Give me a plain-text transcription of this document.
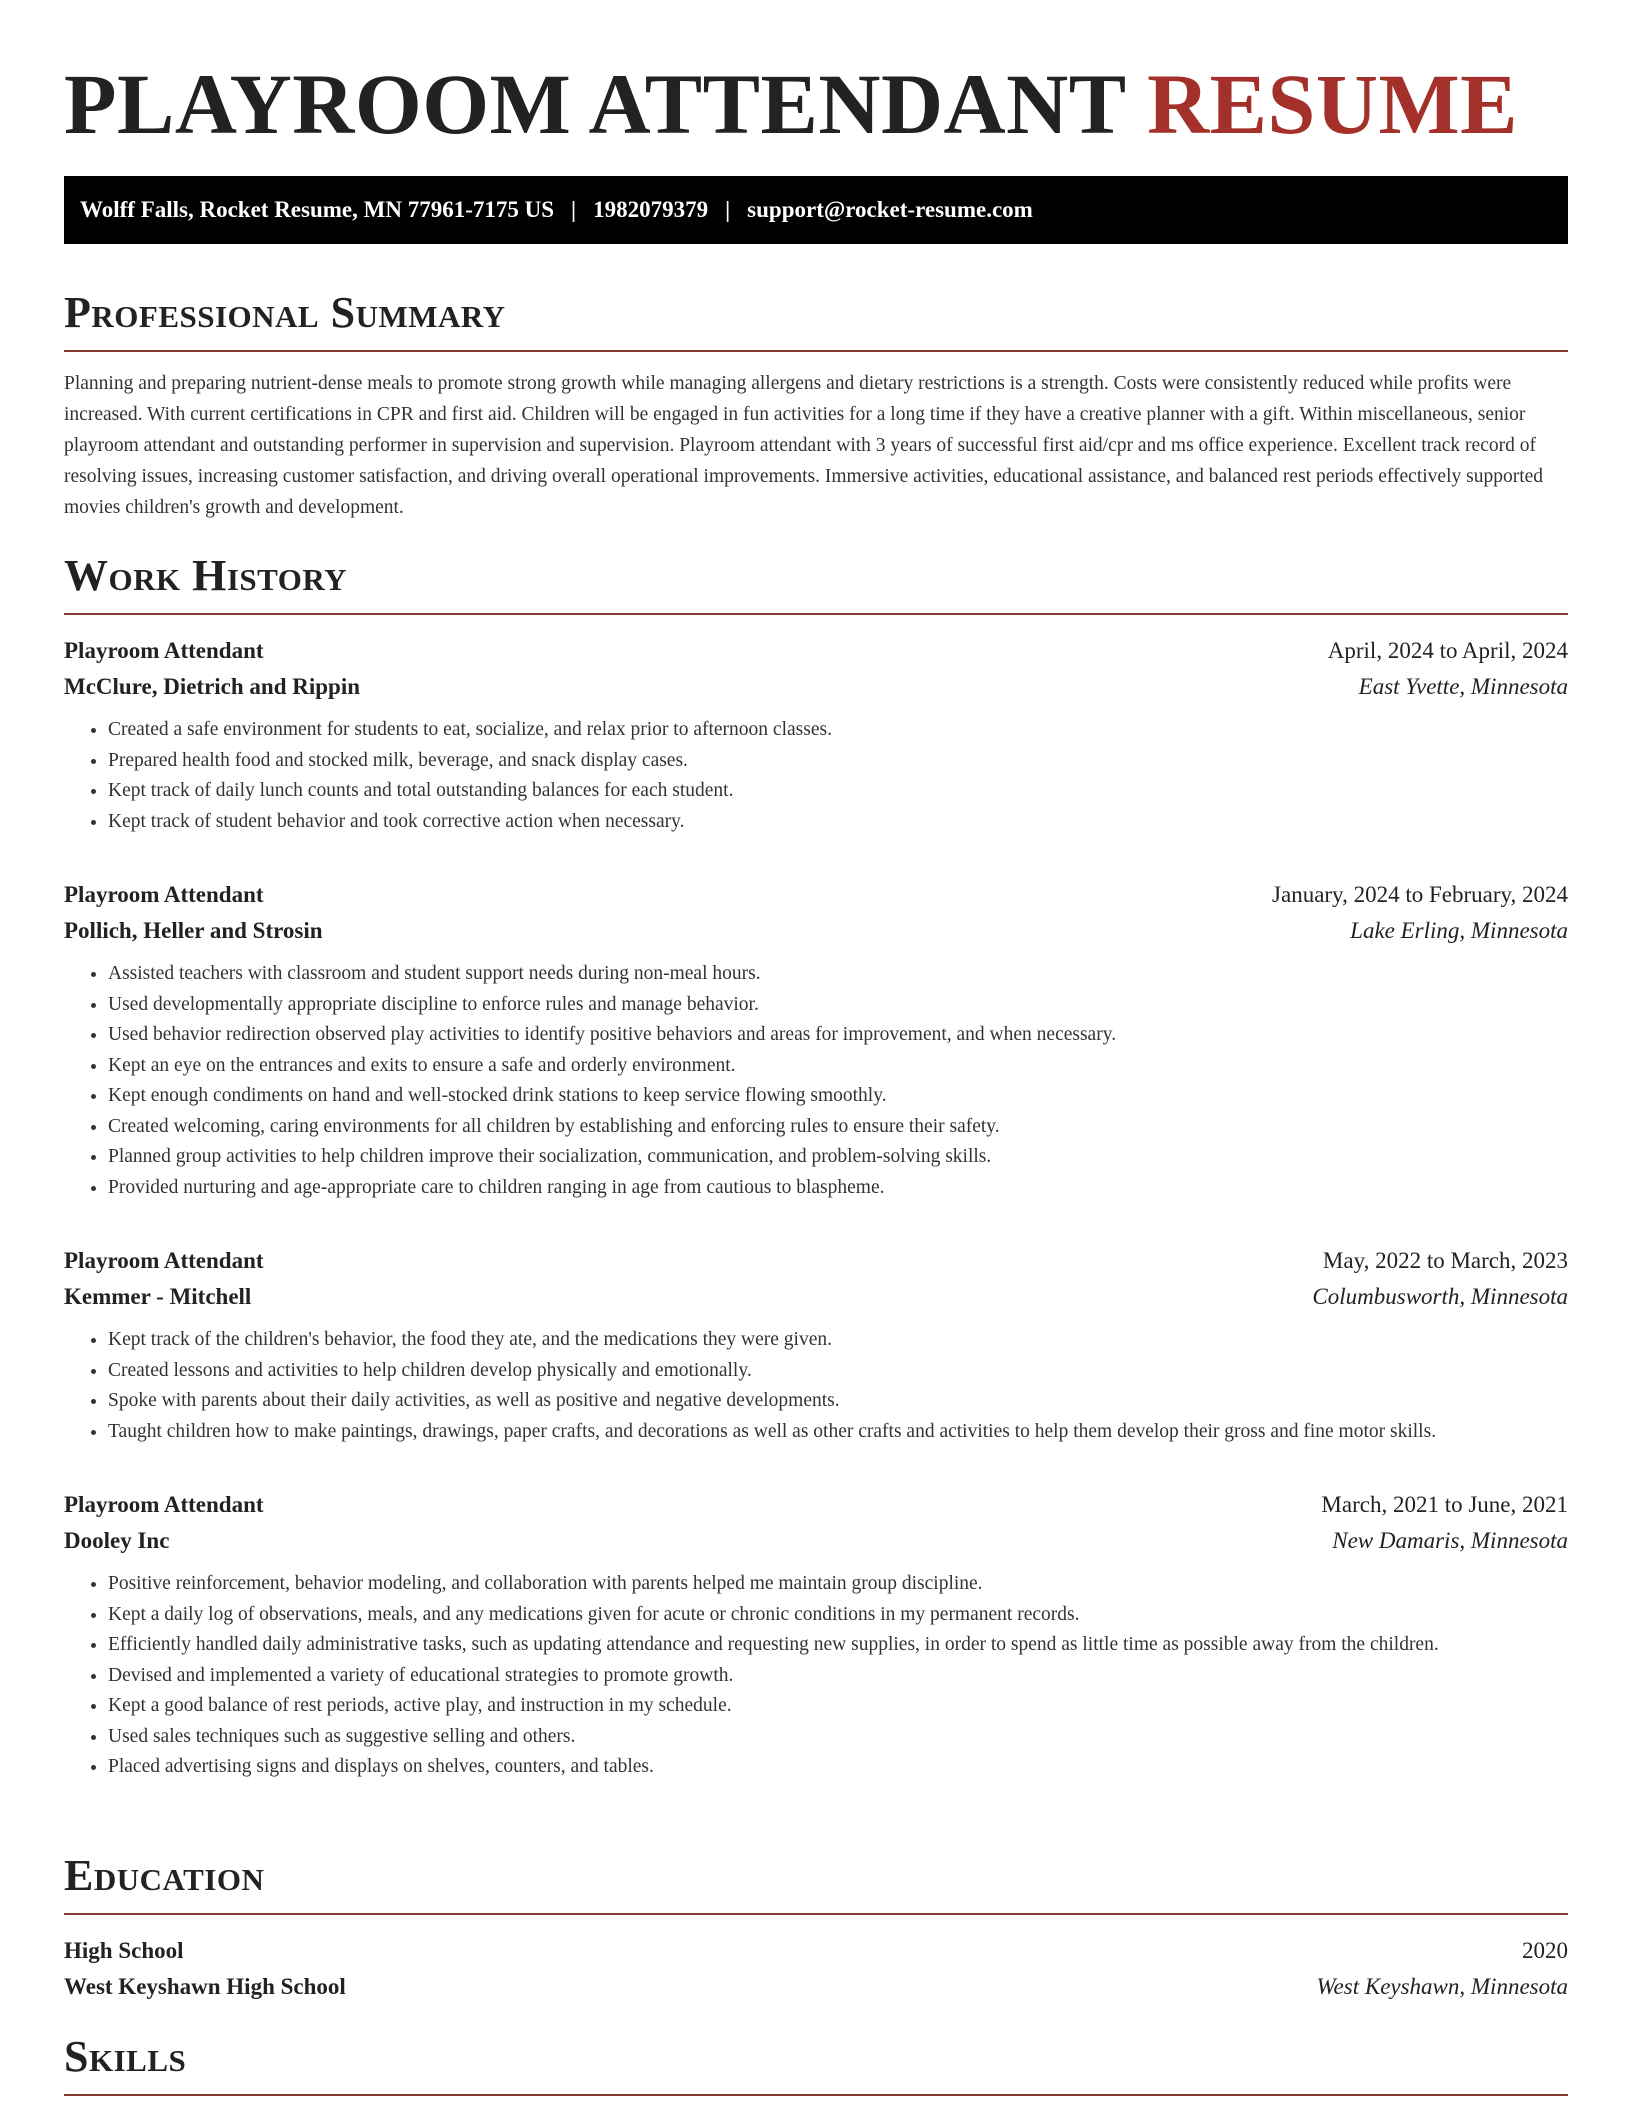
PLAYROOM ATTENDANT RESUME
Wolff Falls, Rocket Resume, MN 77961-7175 US | 1982079379 | support@rocket-resume.com
Professional Summary

Planning and preparing nutrient-dense meals to promote strong growth while managing allergens and dietary restrictions is a strength. Costs were consistently reduced while profits were increased. With current certifications in CPR and first aid. Children will be engaged in fun activities for a long time if they have a creative planner with a gift. Within miscellaneous, senior playroom attendant and outstanding performer in supervision and supervision. Playroom attendant with 3 years of successful first aid/cpr and ms office experience. Excellent track record of resolving issues, increasing customer satisfaction, and driving overall operational improvements. Immersive activities, educational assistance, and balanced rest periods effectively supported movies children's growth and development.

Work History
Playroom Attendant	April, 2024 to April, 2024
McClure, Dietrich and Rippin	East Yvette, Minnesota
• Created a safe environment for students to eat, socialize, and relax prior to afternoon classes.
• Prepared health food and stocked milk, beverage, and snack display cases.
• Kept track of daily lunch counts and total outstanding balances for each student.
• Kept track of student behavior and took corrective action when necessary.
Playroom Attendant	January, 2024 to February, 2024
Pollich, Heller and Strosin	Lake Erling, Minnesota
• Assisted teachers with classroom and student support needs during non-meal hours.
• Used developmentally appropriate discipline to enforce rules and manage behavior.
• Used behavior redirection observed play activities to identify positive behaviors and areas for improvement, and when necessary.
• Kept an eye on the entrances and exits to ensure a safe and orderly environment.
• Kept enough condiments on hand and well-stocked drink stations to keep service flowing smoothly.
• Created welcoming, caring environments for all children by establishing and enforcing rules to ensure their safety.
• Planned group activities to help children improve their socialization, communication, and problem-solving skills.
• Provided nurturing and age-appropriate care to children ranging in age from cautious to blaspheme.
Playroom Attendant	May, 2022 to March, 2023
Kemmer - Mitchell	Columbusworth, Minnesota
• Kept track of the children's behavior, the food they ate, and the medications they were given.
• Created lessons and activities to help children develop physically and emotionally.
• Spoke with parents about their daily activities, as well as positive and negative developments.
• Taught children how to make paintings, drawings, paper crafts, and decorations as well as other crafts and activities to help them develop their gross and fine motor skills.
Playroom Attendant	March, 2021 to June, 2021
Dooley Inc	New Damaris, Minnesota
• Positive reinforcement, behavior modeling, and collaboration with parents helped me maintain group discipline.
• Kept a daily log of observations, meals, and any medications given for acute or chronic conditions in my permanent records.
• Efficiently handled daily administrative tasks, such as updating attendance and requesting new supplies, in order to spend as little time as possible away from the children.
• Devised and implemented a variety of educational strategies to promote growth.
• Kept a good balance of rest periods, active play, and instruction in my schedule.
• Used sales techniques such as suggestive selling and others.
• Placed advertising signs and displays on shelves, counters, and tables.
Education
High School	2020
West Keyshawn High School	West Keyshawn, Minnesota
Skills
